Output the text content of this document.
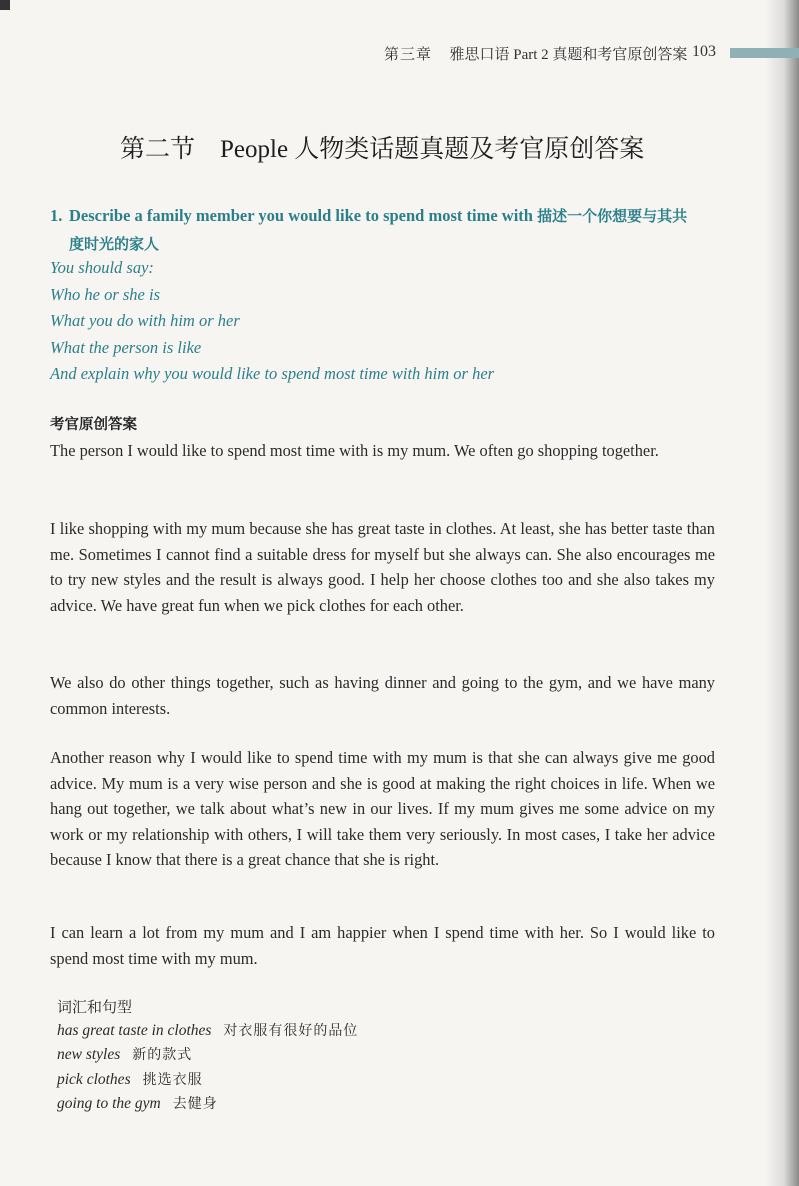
第三章 雅思口语 Part 2 真题和考官原创答案 103
第二节 People 人物类话题真题及考官原创答案
1. Describe a family member you would like to spend most time with 描述一个你想要与其共
度时光的家人
You should say:
Who he or she is
What you do with him or her
What the person is like
And explain why you would like to spend most time with him or her
考官原创答案
The person I would like to spend most time with is my mum. We often go shopping together.
I like shopping with my mum because she has great taste in clothes. At least, she has better taste than me. Sometimes I cannot find a suitable dress for myself but she always can. She also encourages me to try new styles and the result is always good. I help her choose clothes too and she also takes my advice. We have great fun when we pick clothes for each other.
We also do other things together, such as having dinner and going to the gym, and we have many common interests.
Another reason why I would like to spend time with my mum is that she can always give me good advice. My mum is a very wise person and she is good at making the right choices in life. When we hang out together, we talk about what’s new in our lives. If my mum gives me some advice on my work or my relationship with others, I will take them very seriously. In most cases, I take her advice because I know that there is a great chance that she is right.
I can learn a lot from my mum and I am happier when I spend time with her. So I would like to spend most time with my mum.
词汇和句型
has great taste in clothes 对衣服有很好的品位
new styles 新的款式
pick clothes 挑选衣服
going to the gym 去健身
